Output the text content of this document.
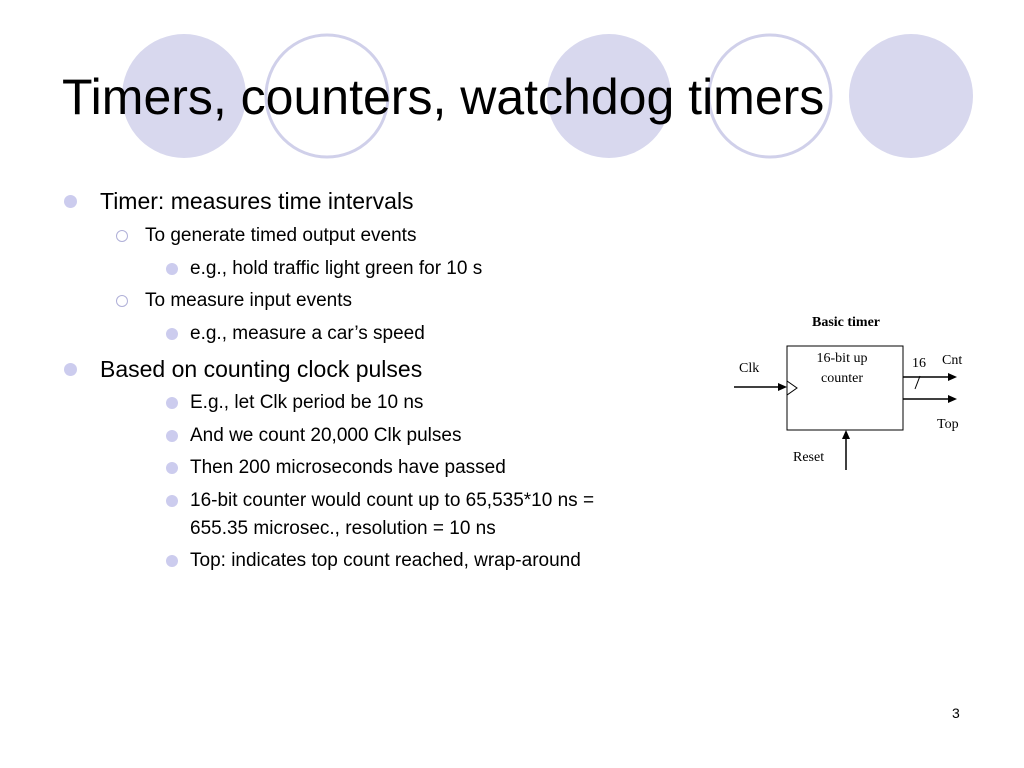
Timers, counters, watchdog timers
Timer: measures time intervals
To generate timed output events
e.g., hold traffic light green for 10 s
To measure input events
e.g., measure a car’s speed
Based on counting clock pulses
E.g., let Clk period be 10 ns
And we count 20,000 Clk pulses
Then 200 microseconds have passed
16-bit counter would count up to 65,535*10 ns =
655.35 microsec., resolution = 10 ns
Top: indicates top count reached, wrap-around
Basic timer
16-bit up
counter
Clk	16 Cnt
Top
Reset
3
